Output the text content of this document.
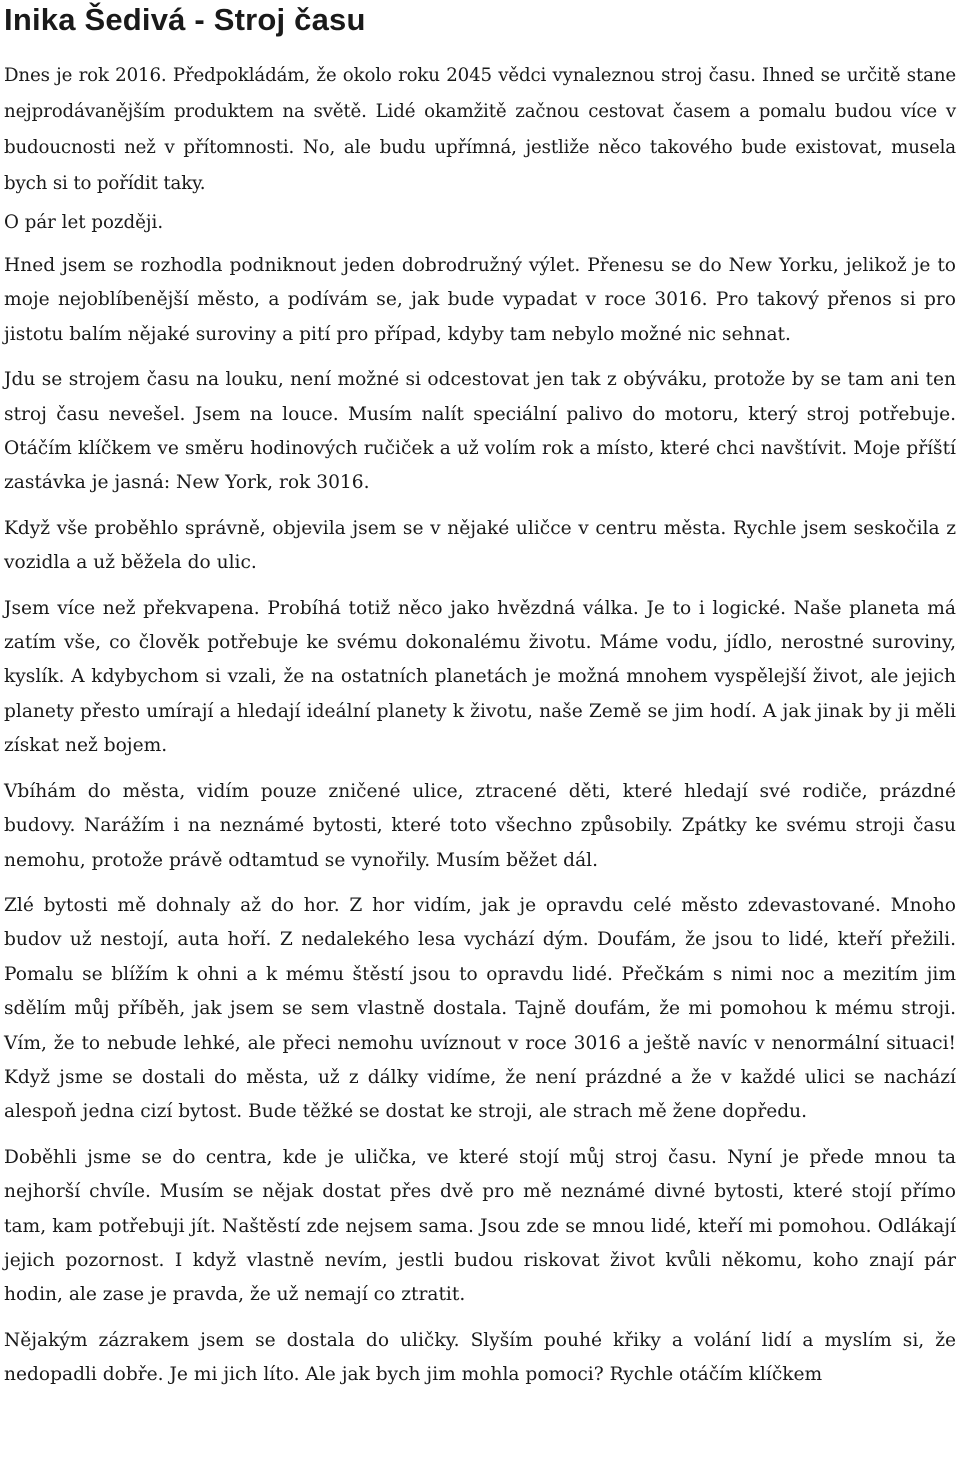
Inika Šedivá - Stroj času

Dnes je rok 2016. Předpokládám, že okolo roku 2045 vědci vynaleznou stroj času. Ihned se určitě stane nejprodávanějším produktem na světě. Lidé okamžitě začnou cestovat časem a pomalu budou více v budoucnosti než v přítomnosti. No, ale budu upřímná, jestliže něco takového bude existovat, musela bych si to pořídit taky.

O pár let později.

Hned jsem se rozhodla podniknout jeden dobrodružný výlet. Přenesu se do New Yorku, jelikož je to moje nejoblíbenější město, a podívám se, jak bude vypadat v roce 3016. Pro takový přenos si pro jistotu balím nějaké suroviny a pití pro případ, kdyby tam nebylo možné nic sehnat.

Jdu se strojem času na louku, není možné si odcestovat jen tak z obýváku, protože by se tam ani ten stroj času nevešel. Jsem na louce. Musím nalít speciální palivo do motoru, který stroj potřebuje. Otáčím klíčkem ve směru hodinových ručiček a už volím rok a místo, které chci navštívit. Moje příští zastávka je jasná: New York, rok 3016.

Když vše proběhlo správně, objevila jsem se v nějaké uličce v centru města. Rychle jsem seskočila z vozidla a už běžela do ulic.

Jsem více než překvapena. Probíhá totiž něco jako hvězdná válka. Je to i logické. Naše planeta má zatím vše, co člověk potřebuje ke svému dokonalému životu. Máme vodu, jídlo, nerostné suroviny, kyslík. A kdybychom si vzali, že na ostatních planetách je možná mnohem vyspělejší život, ale jejich planety přesto umírají a hledají ideální planety k životu, naše Země se jim hodí. A jak jinak by ji měli získat než bojem.

Vbíhám do města, vidím pouze zničené ulice, ztracené děti, které hledají své rodiče, prázdné budovy. Narážím i na neznámé bytosti, které toto všechno způsobily. Zpátky ke svému stroji času nemohu, protože právě odtamtud se vynořily. Musím běžet dál.

Zlé bytosti mě dohnaly až do hor. Z hor vidím, jak je opravdu celé město zdevastované. Mnoho budov už nestojí, auta hoří. Z nedalekého lesa vychází dým. Doufám, že jsou to lidé, kteří přežili. Pomalu se blížím k ohni a k mému štěstí jsou to opravdu lidé. Přečkám s nimi noc a mezitím jim sdělím můj příběh, jak jsem se sem vlastně dostala. Tajně doufám, že mi pomohou k mému stroji. Vím, že to nebude lehké, ale přeci nemohu uvíznout v roce 3016 a ještě navíc v nenormální situaci! Když jsme se dostali do města, už z dálky vidíme, že není prázdné a že v každé ulici se nachází alespoň jedna cizí bytost. Bude těžké se dostat ke stroji, ale strach mě žene dopředu.

Doběhli jsme se do centra, kde je ulička, ve které stojí můj stroj času. Nyní je přede mnou ta nejhorší chvíle. Musím se nějak dostat přes dvě pro mě neznámé divné bytosti, které stojí přímo tam, kam potřebuji jít. Naštěstí zde nejsem sama. Jsou zde se mnou lidé, kteří mi pomohou. Odlákají jejich pozornost. I když vlastně nevím, jestli budou riskovat život kvůli někomu, koho znají pár hodin, ale zase je pravda, že už nemají co ztratit.

Nějakým zázrakem jsem se dostala do uličky. Slyším pouhé křiky a volání lidí a myslím si, že nedopadli dobře. Je mi jich líto. Ale jak bych jim mohla pomoci? Rychle otáčím klíčkem
